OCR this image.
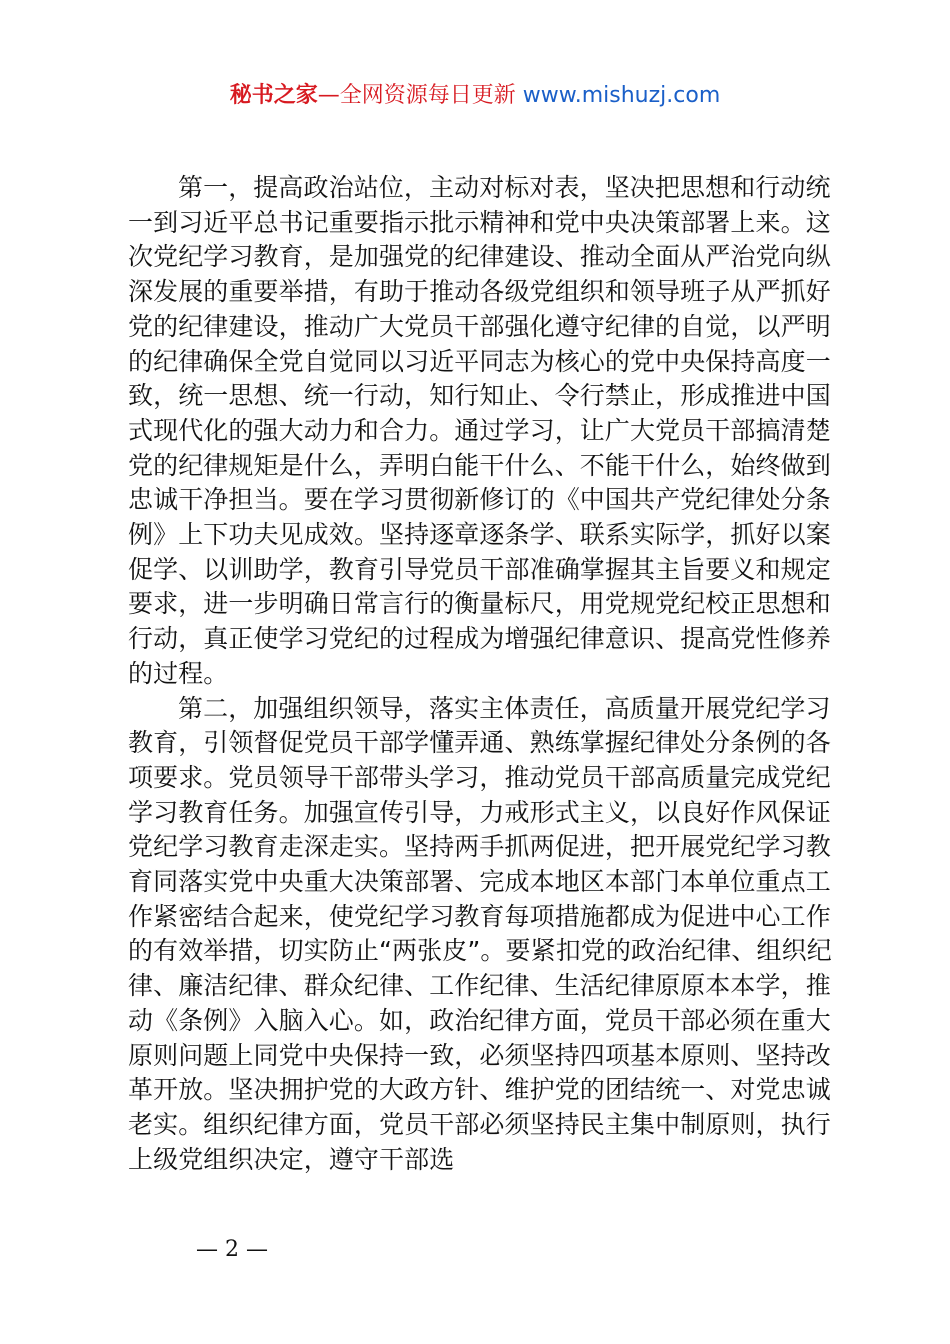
秘书之家—全网资源每日更新 www.mishuzj.com

第一，提高政治站位，主动对标对表，坚决把思想和行动统一到习近平总书记重要指示批示精神和党中央决策部署上来。这次党纪学习教育，是加强党的纪律建设、推动全面从严治党向纵深发展的重要举措，有助于推动各级党组织和领导班子从严抓好党的纪律建设，推动广大党员干部强化遵守纪律的自觉，以严明的纪律确保全党自觉同以习近平同志为核心的党中央保持高度一致，统一思想、统一行动，知行知止、令行禁止，形成推进中国式现代化的强大动力和合力。通过学习，让广大党员干部搞清楚党的纪律规矩是什么，弄明白能干什么、不能干什么，始终做到忠诚干净担当。要在学习贯彻新修订的《中国共产党纪律处分条例》上下功夫见成效。坚持逐章逐条学、联系实际学，抓好以案促学、以训助学，教育引导党员干部准确掌握其主旨要义和规定要求，进一步明确日常言行的衡量标尺，用党规党纪校正思想和行动，真正使学习党纪的过程成为增强纪律意识、提高党性修养的过程。

第二，加强组织领导，落实主体责任，高质量开展党纪学习教育，引领督促党员干部学懂弄通、熟练掌握纪律处分条例的各项要求。党员领导干部带头学习，推动党员干部高质量完成党纪学习教育任务。加强宣传引导，力戒形式主义，以良好作风保证党纪学习教育走深走实。坚持两手抓两促进，把开展党纪学习教育同落实党中央重大决策部署、完成本地区本部门本单位重点工作紧密结合起来，使党纪学习教育每项措施都成为促进中心工作的有效举措，切实防止“两张皮”。要紧扣党的政治纪律、组织纪律、廉洁纪律、群众纪律、工作纪律、生活纪律原原本本学，推动《条例》入脑入心。如，政治纪律方面，党员干部必须在重大原则问题上同党中央保持一致，必须坚持四项基本原则、坚持改革开放。坚决拥护党的大政方针、维护党的团结统一、对党忠诚老实。组织纪律方面，党员干部必须坚持民主集中制原则，执行上级党组织决定，遵守干部选

— 2 —
